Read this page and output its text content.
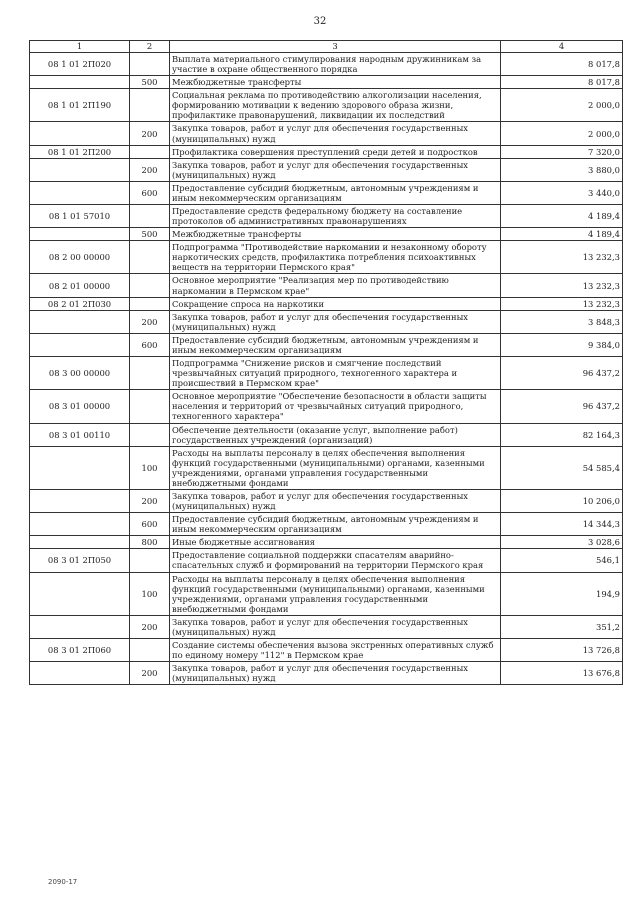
32
1	2	3	4
08 1 01 2П020		Выплата материального стимулирования народным дружинникам за участие в охране общественного порядка	8 017,8
	500	Межбюджетные трансферты	8 017,8
08 1 01 2П190		Социальная реклама по противодействию алкоголизации населения, формированию мотивации к ведению здорового образа жизни, профилактике правонарушений, ликвидации их последствий	2 000,0
	200	Закупка товаров, работ и услуг для обеспечения государственных (муниципальных) нужд	2 000,0
08 1 01 2П200		Профилактика совершения преступлений среди детей и подростков	7 320,0
	200	Закупка товаров, работ и услуг для обеспечения государственных (муниципальных) нужд	3 880,0
	600	Предоставление субсидий бюджетным, автономным учреждениям и иным некоммерческим организациям	3 440,0
08 1 01 57010		Предоставление средств федеральному бюджету на составление протоколов об административных правонарушениях	4 189,4
	500	Межбюджетные трансферты	4 189,4
08 2 00 00000		Подпрограмма "Противодействие наркомании и незаконному обороту наркотических средств, профилактика потребления психоактивных веществ на территории Пермского края"	13 232,3
08 2 01 00000		Основное мероприятие "Реализация мер по противодействию наркомании в Пермском крае"	13 232,3
08 2 01 2П030		Сокращение спроса на наркотики	13 232,3
	200	Закупка товаров, работ и услуг для обеспечения государственных (муниципальных) нужд	3 848,3
	600	Предоставление субсидий бюджетным, автономным учреждениям и иным некоммерческим организациям	9 384,0
08 3 00 00000		Подпрограмма "Снижение рисков и смягчение последствий чрезвычайных ситуаций природного, техногенного характера и происшествий в Пермском крае"	96 437,2
08 3 01 00000		Основное мероприятие "Обеспечение безопасности в области защиты населения и территорий от чрезвычайных ситуаций природного, техногенного характера"	96 437,2
08 3 01 00110		Обеспечение деятельности (оказание услуг, выполнение работ) государственных учреждений (организаций)	82 164,3
	100	Расходы на выплаты персоналу в целях обеспечения выполнения функций государственными (муниципальными) органами, казенными учреждениями, органами управления государственными внебюджетными фондами	54 585,4
	200	Закупка товаров, работ и услуг для обеспечения государственных (муниципальных) нужд	10 206,0
	600	Предоставление субсидий бюджетным, автономным учреждениям и иным некоммерческим организациям	14 344,3
	800	Иные бюджетные ассигнования	3 028,6
08 3 01 2П050		Предоставление социальной поддержки спасателям аварийно-спасательных служб и формирований на территории Пермского края	546,1
	100	Расходы на выплаты персоналу в целях обеспечения выполнения функций государственными (муниципальными) органами, казенными учреждениями, органами управления государственными внебюджетными фондами	194,9
	200	Закупка товаров, работ и услуг для обеспечения государственных (муниципальных) нужд	351,2
08 3 01 2П060		Создание системы обеспечения вызова экстренных оперативных служб по единому номеру "112" в Пермском крае	13 726,8
	200	Закупка товаров, работ и услуг для обеспечения государственных (муниципальных) нужд	13 676,8
2090-17
